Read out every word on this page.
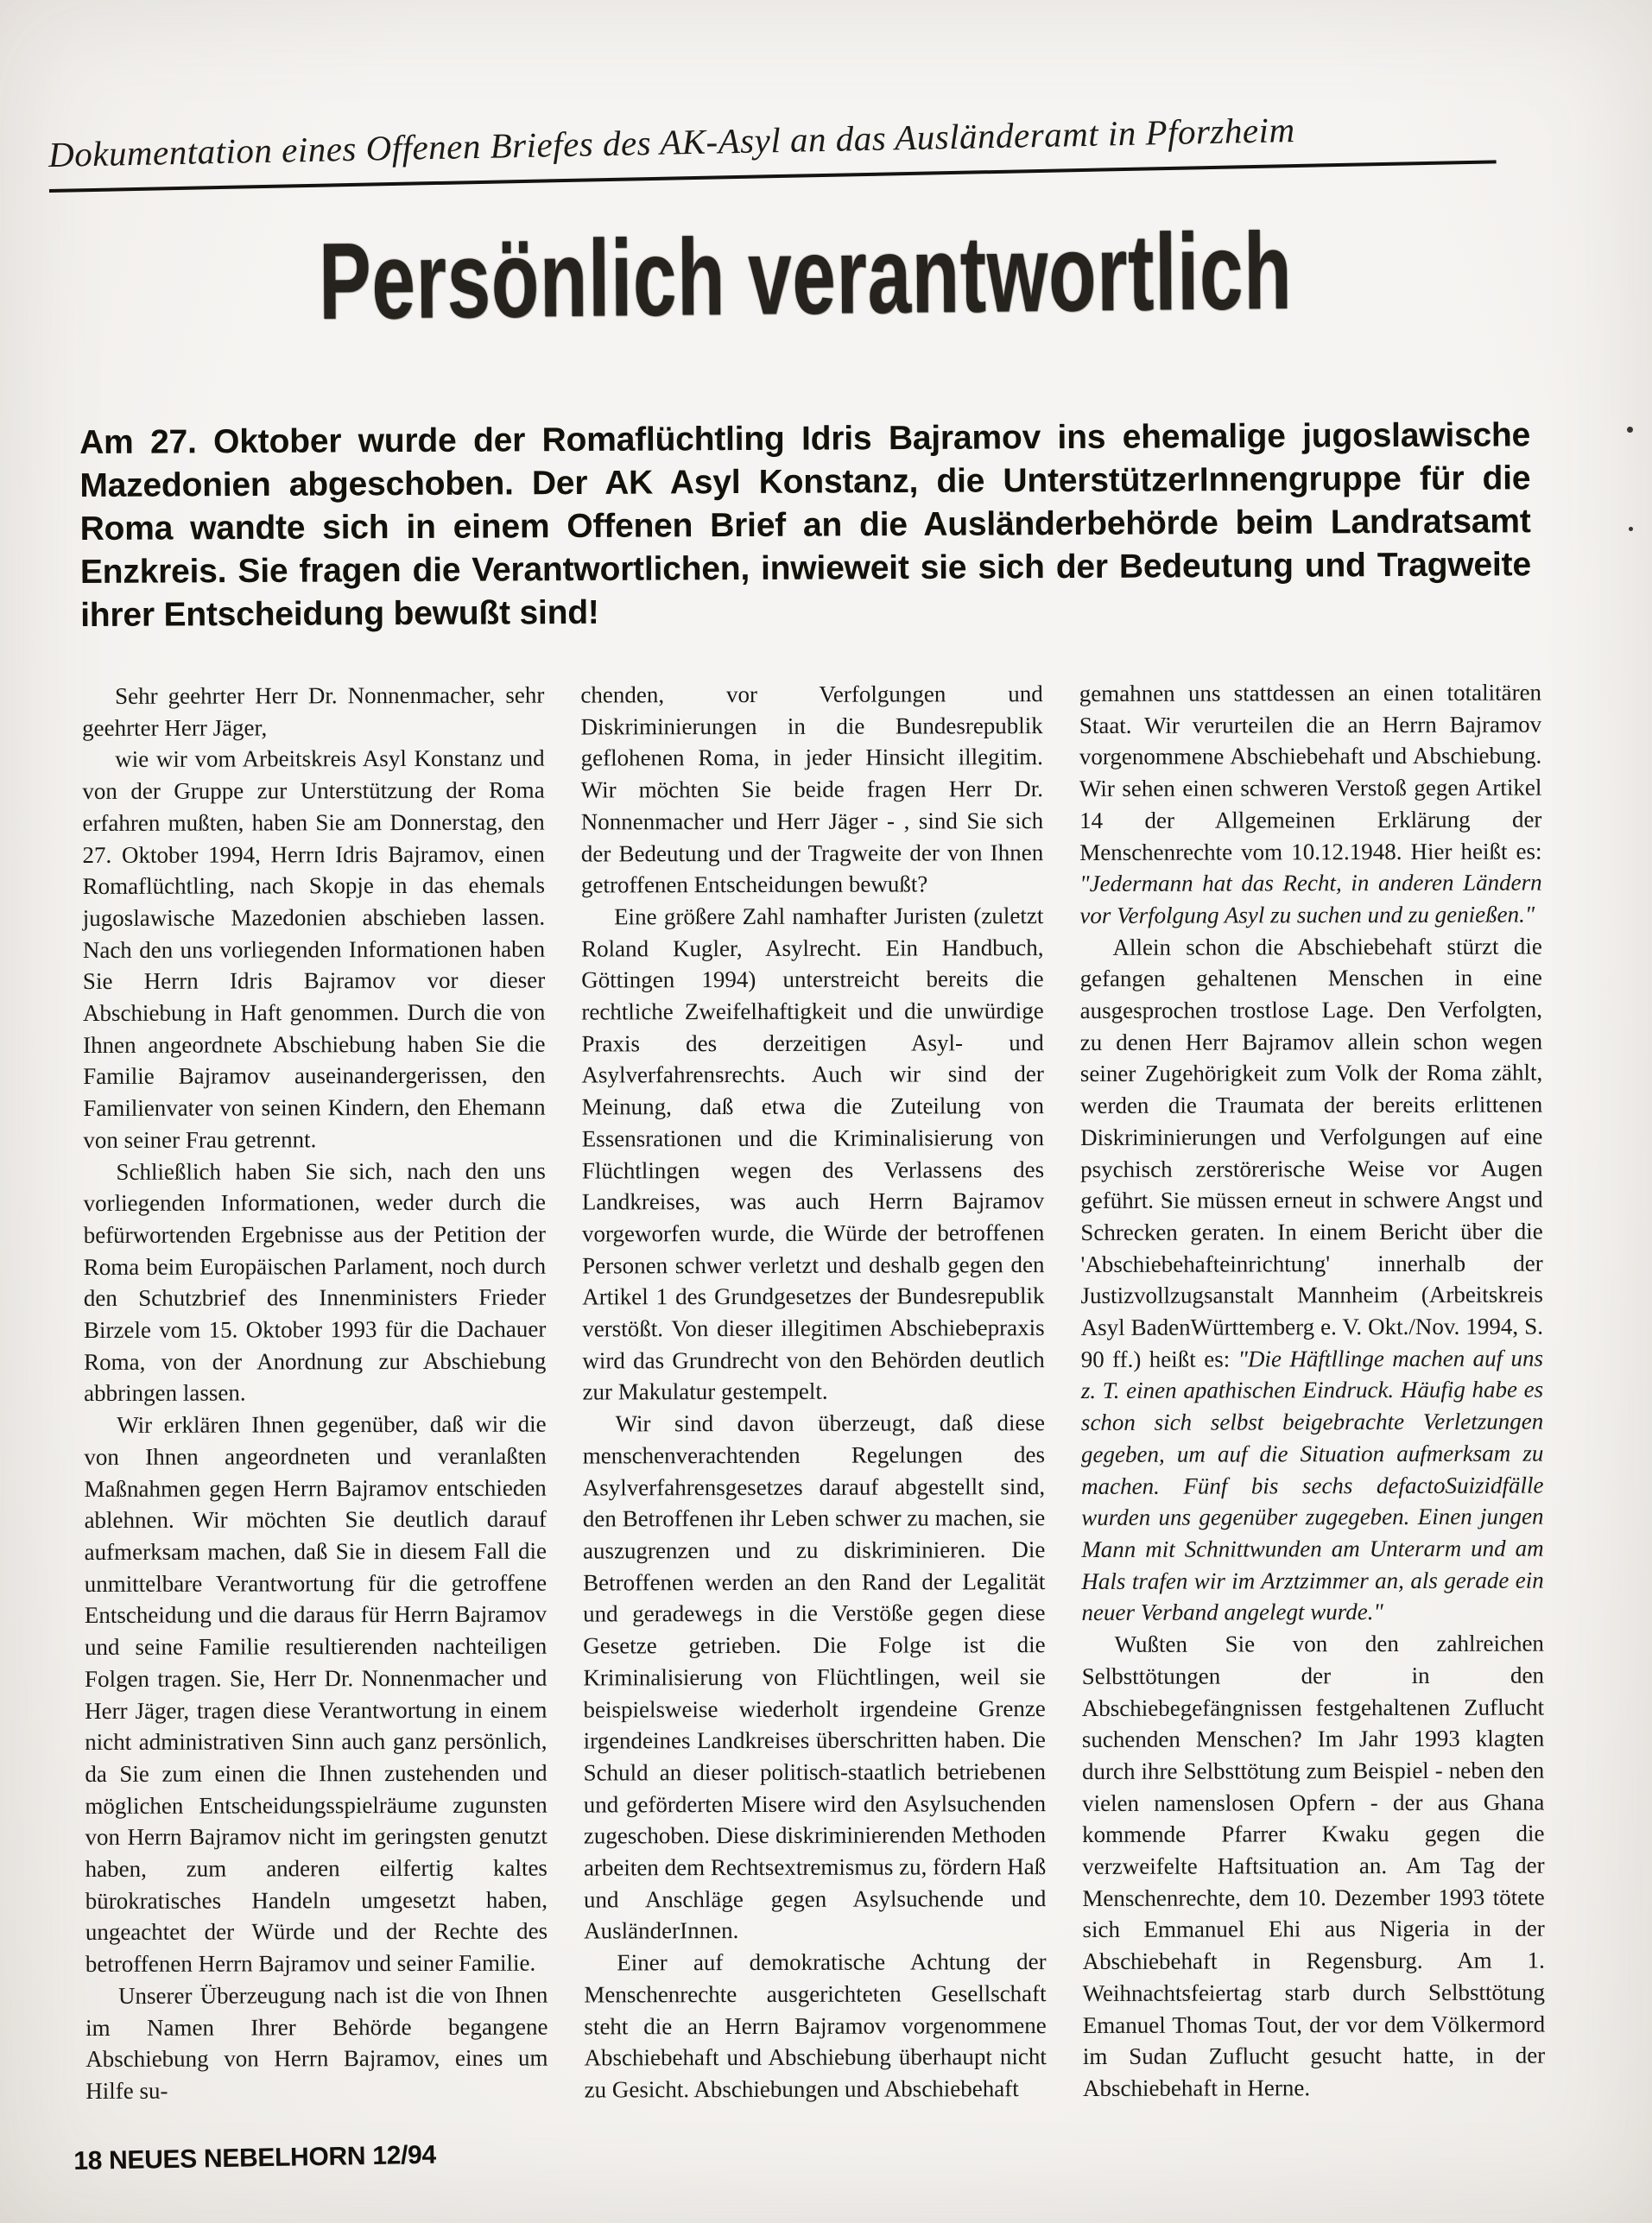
Dokumentation eines Offenen Briefes des AK-Asyl an das Ausländeramt in Pforzheim
Persönlich verantwortlich

Am 27. Oktober wurde der Romaflüchtling Idris Bajramov ins ehemalige jugoslawische Mazedonien abgeschoben. Der AK Asyl Konstanz, die UnterstützerInnengruppe für die Roma wandte sich in einem Offenen Brief an die Ausländerbehörde beim Landratsamt Enzkreis. Sie fragen die Verantwortlichen, inwieweit sie sich der Bedeutung und Tragweite ihrer Entscheidung bewußt sind!

Sehr geehrter Herr Dr. Nonnenmacher, sehr geehrter Herr Jäger,

wie wir vom Arbeitskreis Asyl Konstanz und von der Gruppe zur Unterstützung der Roma erfahren mußten, haben Sie am Donnerstag, den 27. Oktober 1994, Herrn Idris Bajramov, einen Romaflüchtling, nach Skopje in das ehemals jugoslawische Mazedonien abschieben lassen. Nach den uns vorliegenden Informationen haben Sie Herrn Idris Bajramov vor dieser Abschiebung in Haft genommen. Durch die von Ihnen angeordnete Abschiebung haben Sie die Familie Bajramov auseinandergerissen, den Familienvater von seinen Kindern, den Ehemann von seiner Frau getrennt.

Schließlich haben Sie sich, nach den uns vorliegenden Informationen, weder durch die befürwortenden Ergebnisse aus der Petition der Roma beim Europäischen Parlament, noch durch den Schutzbrief des Innenministers Frieder Birzele vom 15. Oktober 1993 für die Dachauer Roma, von der Anordnung zur Abschiebung abbringen lassen.

Wir erklären Ihnen gegenüber, daß wir die von Ihnen angeordneten und veranlaßten Maßnahmen gegen Herrn Bajramov entschieden ablehnen. Wir möchten Sie deutlich darauf aufmerksam machen, daß Sie in diesem Fall die unmittelbare Verantwortung für die getroffene Entscheidung und die daraus für Herrn Bajramov und seine Familie resultierenden nachteiligen Folgen tragen. Sie, Herr Dr. Nonnenmacher und Herr Jäger, tragen diese Verantwortung in einem nicht administrativen Sinn auch ganz persönlich, da Sie zum einen die Ihnen zustehenden und möglichen Entscheidungsspielräume zugunsten von Herrn Bajramov nicht im geringsten genutzt haben, zum anderen eilfertig kaltes bürokratisches Handeln umgesetzt haben, ungeachtet der Würde und der Rechte des betroffenen Herrn Bajramov und seiner Familie.

Unserer Überzeugung nach ist die von Ihnen im Namen Ihrer Behörde begangene Abschiebung von Herrn Bajramov, eines um Hilfe su-

chenden, vor Verfolgungen und Diskriminierungen in die Bundesrepublik geflohenen Roma, in jeder Hinsicht illegitim. Wir möchten Sie beide fragen Herr Dr. Nonnenmacher und Herr Jäger - , sind Sie sich der Bedeutung und der Tragweite der von Ihnen getroffenen Entscheidungen bewußt?

Eine größere Zahl namhafter Juristen (zuletzt Roland Kugler, Asylrecht. Ein Handbuch, Göttingen 1994) unterstreicht bereits die rechtliche Zweifelhaftigkeit und die unwürdige Praxis des derzeitigen Asyl- und Asylverfahrensrechts. Auch wir sind der Meinung, daß etwa die Zuteilung von Essensrationen und die Kriminalisierung von Flüchtlingen wegen des Verlassens des Landkreises, was auch Herrn Bajramov vorgeworfen wurde, die Würde der betroffenen Personen schwer verletzt und deshalb gegen den Artikel 1 des Grundgesetzes der Bundesrepublik verstößt. Von dieser illegitimen Abschiebepraxis wird das Grundrecht von den Behörden deutlich zur Makulatur gestempelt.

Wir sind davon überzeugt, daß diese menschenverachtenden Regelungen des Asylverfahrensgesetzes darauf abgestellt sind, den Betroffenen ihr Leben schwer zu machen, sie auszugrenzen und zu diskriminieren. Die Betroffenen werden an den Rand der Legalität und geradewegs in die Verstöße gegen diese Gesetze getrieben. Die Folge ist die Kriminalisierung von Flüchtlingen, weil sie beispielsweise wiederholt irgendeine Grenze irgendeines Landkreises überschritten haben. Die Schuld an dieser politisch-staatlich betriebenen und geförderten Misere wird den Asylsuchenden zugeschoben. Diese diskriminierenden Methoden arbeiten dem Rechtsextremismus zu, fördern Haß und Anschläge gegen Asylsuchende und AusländerInnen.

Einer auf demokratische Achtung der Menschenrechte ausgerichteten Gesellschaft steht die an Herrn Bajramov vorgenommene Abschiebehaft und Abschiebung überhaupt nicht zu Gesicht. Abschiebungen und Abschiebehaft

gemahnen uns stattdessen an einen totalitären Staat. Wir verurteilen die an Herrn Bajramov vorgenommene Abschiebehaft und Abschiebung. Wir sehen einen schweren Verstoß gegen Artikel 14 der Allgemeinen Erklärung der Menschenrechte vom 10.12.1948. Hier heißt es: "Jedermann hat das Recht, in anderen Ländern vor Verfolgung Asyl zu suchen und zu genießen."

Allein schon die Abschiebehaft stürzt die gefangen gehaltenen Menschen in eine ausgesprochen trostlose Lage. Den Verfolgten, zu denen Herr Bajramov allein schon wegen seiner Zugehörigkeit zum Volk der Roma zählt, werden die Traumata der bereits erlittenen Diskriminierungen und Verfolgungen auf eine psychisch zerstörerische Weise vor Augen geführt. Sie müssen erneut in schwere Angst und Schrecken geraten. In einem Bericht über die 'Abschiebehafteinrichtung' innerhalb der Justizvollzugsanstalt Mannheim (Arbeitskreis Asyl BadenWürttemberg e. V. Okt./Nov. 1994, S. 90 ff.) heißt es: "Die Häftllinge machen auf uns z. T. einen apathischen Eindruck. Häufig habe es schon sich selbst beigebrachte Verletzungen gegeben, um auf die Situation aufmerksam zu machen. Fünf bis sechs defactoSuizidfälle wurden uns gegenüber zugegeben. Einen jungen Mann mit Schnittwunden am Unterarm und am Hals trafen wir im Arztzimmer an, als gerade ein neuer Verband angelegt wurde."

Wußten Sie von den zahlreichen Selbsttötungen der in den Abschiebegefängnissen festgehaltenen Zuflucht suchenden Menschen? Im Jahr 1993 klagten durch ihre Selbsttötung zum Beispiel - neben den vielen namenslosen Opfern - der aus Ghana kommende Pfarrer Kwaku gegen die verzweifelte Haftsituation an. Am Tag der Menschenrechte, dem 10. Dezember 1993 tötete sich Emmanuel Ehi aus Nigeria in der Abschiebehaft in Regensburg. Am 1. Weihnachtsfeiertag starb durch Selbsttötung Emanuel Thomas Tout, der vor dem Völkermord im Sudan Zuflucht gesucht hatte, in der Abschiebehaft in Herne.

18 NEUES NEBELHORN 12/94
